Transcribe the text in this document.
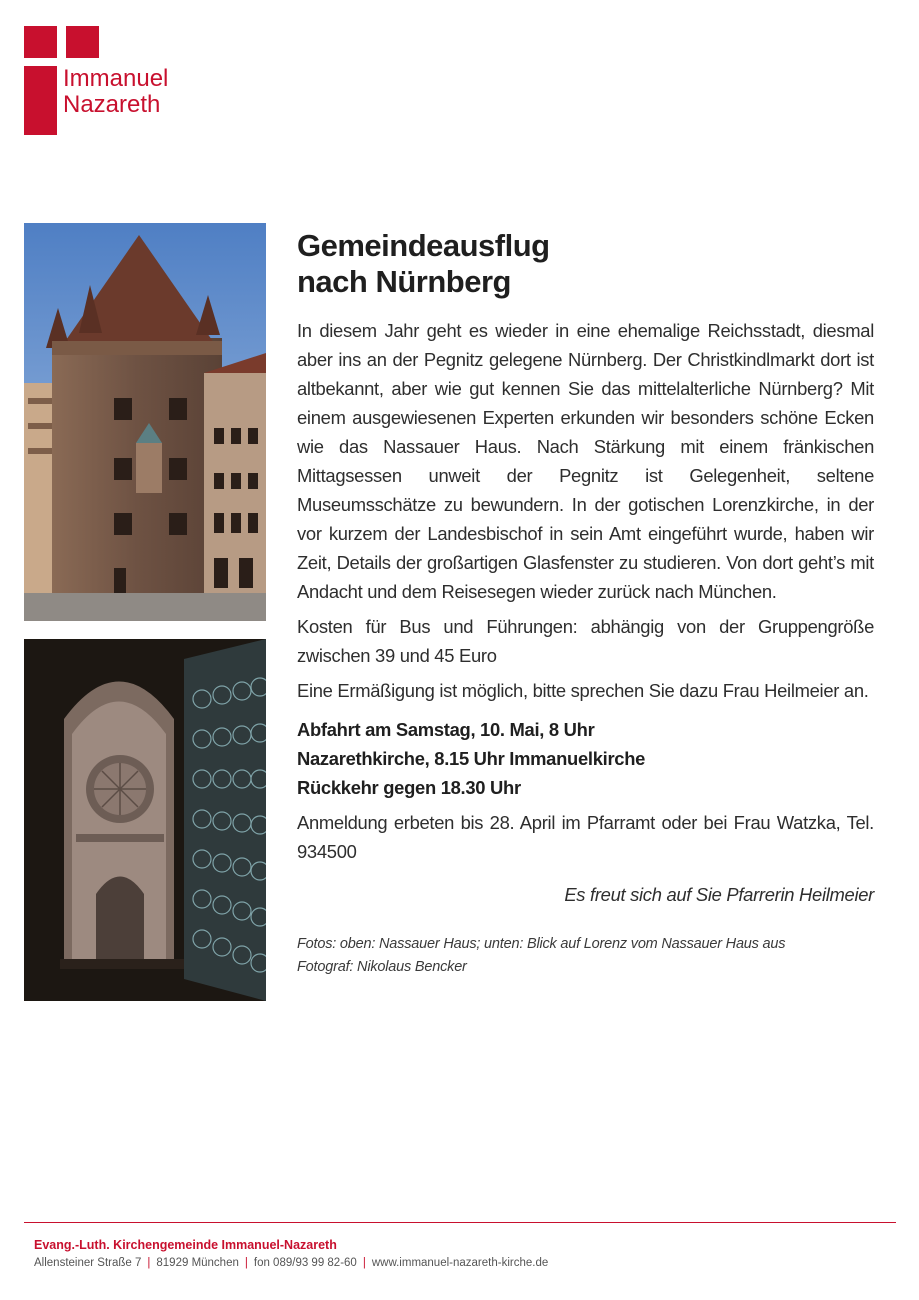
Immanuel
Nazareth
Gemeindeausflug
nach Nürnberg

In diesem Jahr geht es wieder in eine ehemalige Reichsstadt, diesmal aber ins an der Pegnitz gelegene Nürnberg. Der Christkindlmarkt dort ist altbekannt, aber wie gut kennen Sie das mittelalterliche Nürnberg? Mit einem ausgewiesenen Experten erkunden wir besonders schöne Ecken wie das Nassauer Haus. Nach Stärkung mit einem fränkischen Mittagsessen unweit der Pegnitz ist Gelegenheit, seltene Museumsschätze zu bewundern. In der gotischen Lorenzkirche, in der vor kurzem der Landesbischof in sein Amt eingeführt wurde, haben wir Zeit, Details der großartigen Glasfenster zu studieren. Von dort geht’s mit Andacht und dem Reisesegen wieder zurück nach München.

Kosten für Bus und Führungen: abhängig von der Gruppengröße zwischen 39 und 45 Euro

Eine Ermäßigung ist möglich, bitte sprechen Sie dazu Frau Heilmeier an.

Abfahrt am Samstag, 10. Mai, 8 Uhr
Nazarethkirche, 8.15 Uhr Immanuelkirche
Rückkehr gegen 18.30 Uhr

Anmeldung erbeten bis 28. April im Pfarramt oder bei Frau Watzka, Tel. 934500

Es freut sich auf Sie Pfarrerin Heilmeier

Fotos: oben: Nassauer Haus; unten: Blick auf Lorenz vom Nassauer Haus aus
Fotograf: Nikolaus Bencker
Evang.-Luth. Kirchengemeinde Immanuel-Nazareth
Allensteiner Straße 7 | 81929 München | fon 089/93 99 82-60 | www.immanuel-nazareth-kirche.de
